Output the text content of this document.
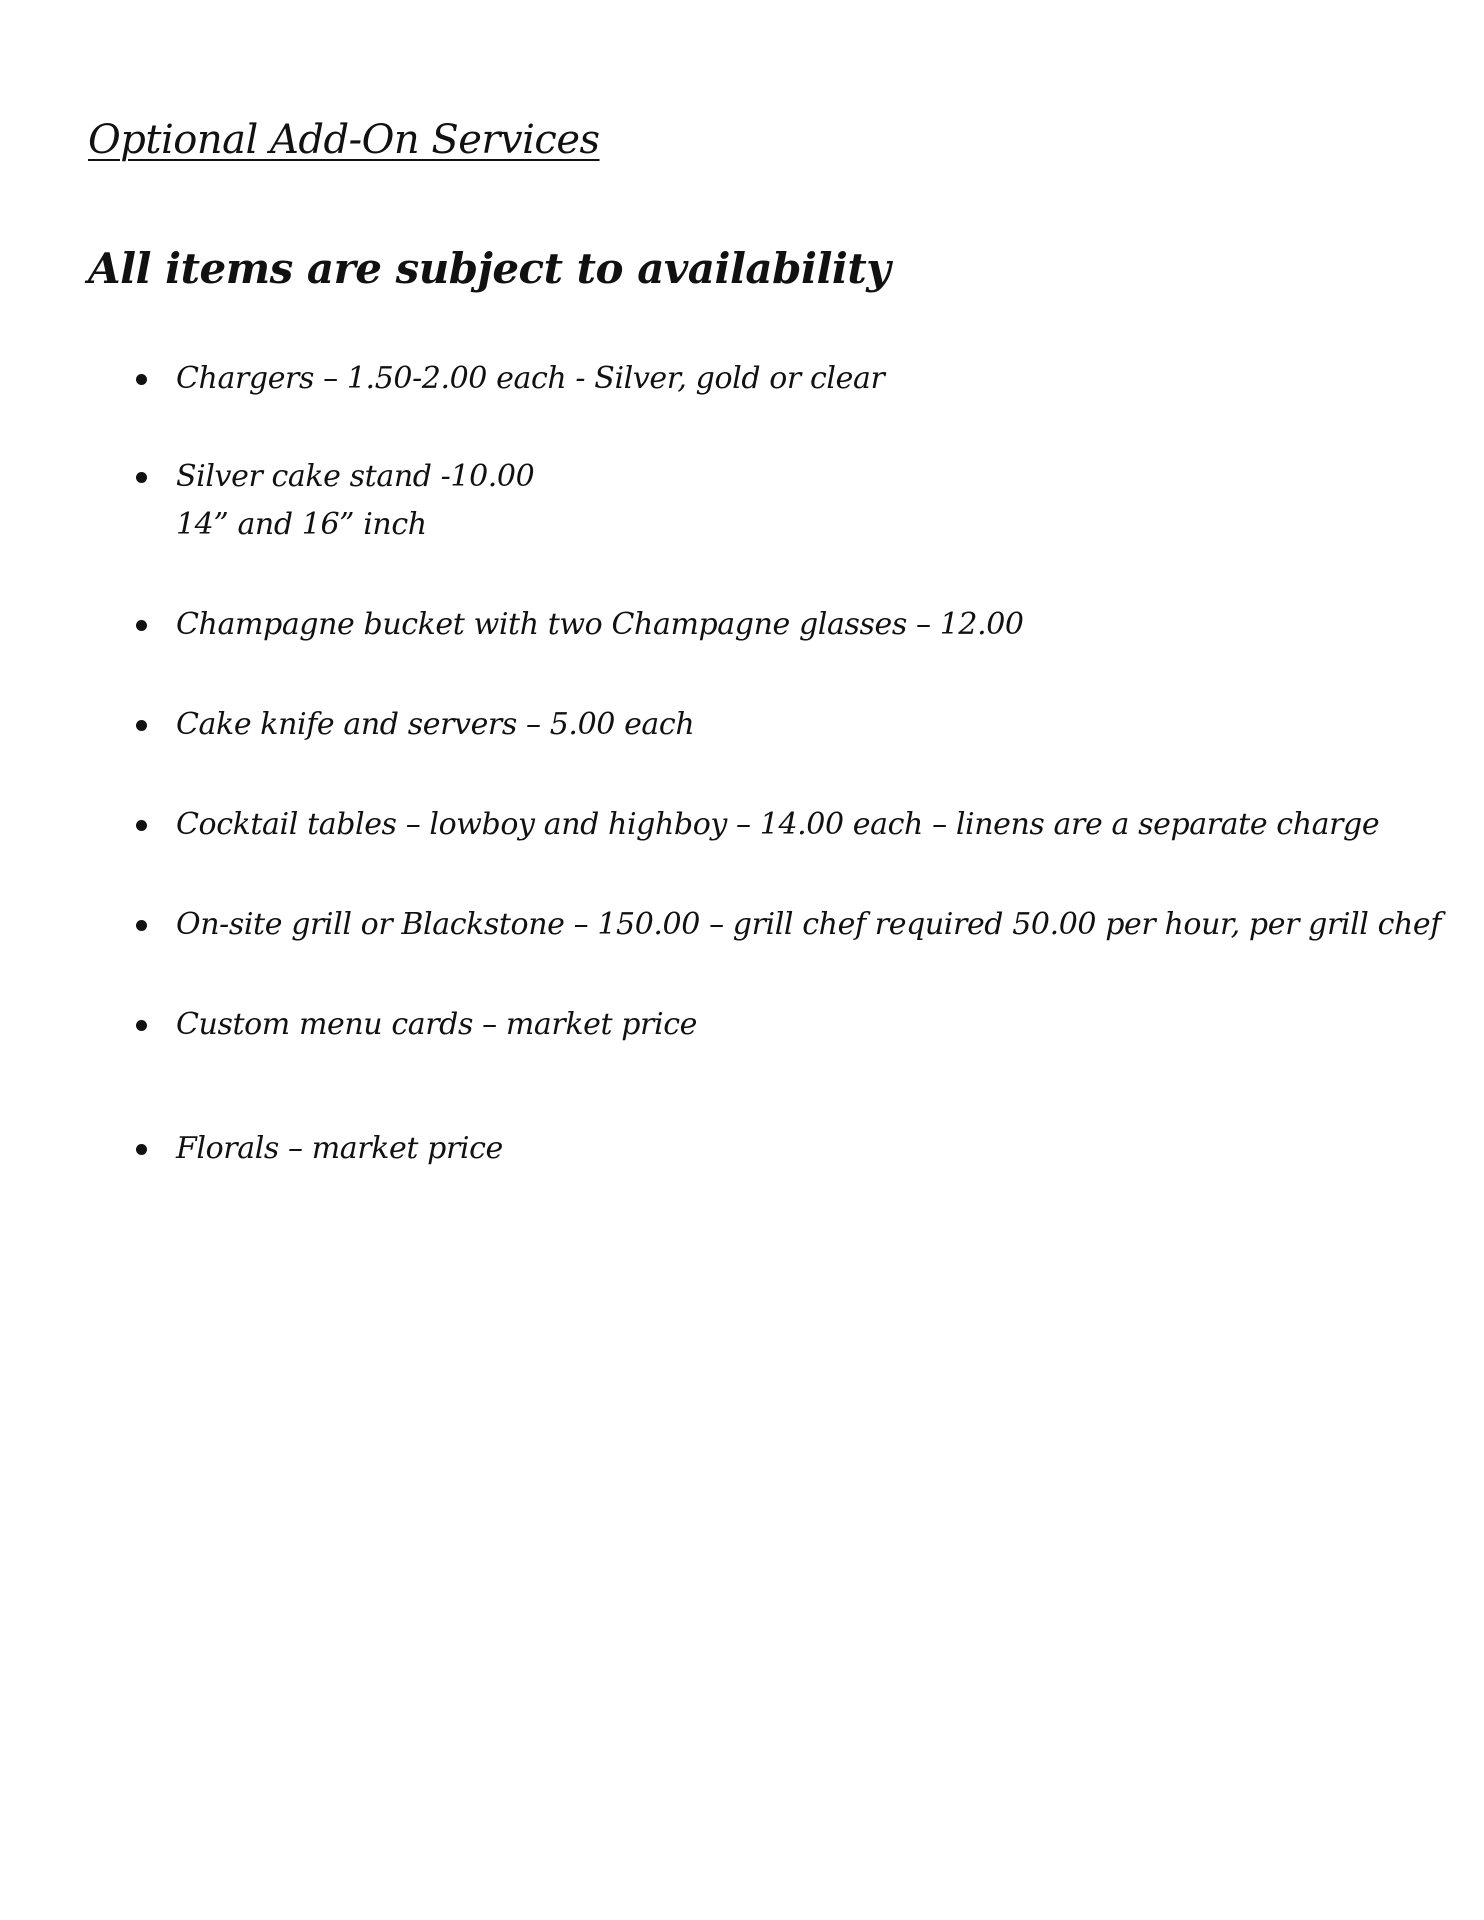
Optional Add-On Services
All items are subject to availability
Chargers – 1.50-2.00 each - Silver, gold or clear
Silver cake stand -10.00
14” and 16” inch
Champagne bucket with two Champagne glasses – 12.00
Cake knife and servers – 5.00 each
Cocktail tables – lowboy and highboy – 14.00 each – linens are a separate charge
On-site grill or Blackstone – 150.00 – grill chef required 50.00 per hour, per grill chef
Custom menu cards – market price
Florals – market price
